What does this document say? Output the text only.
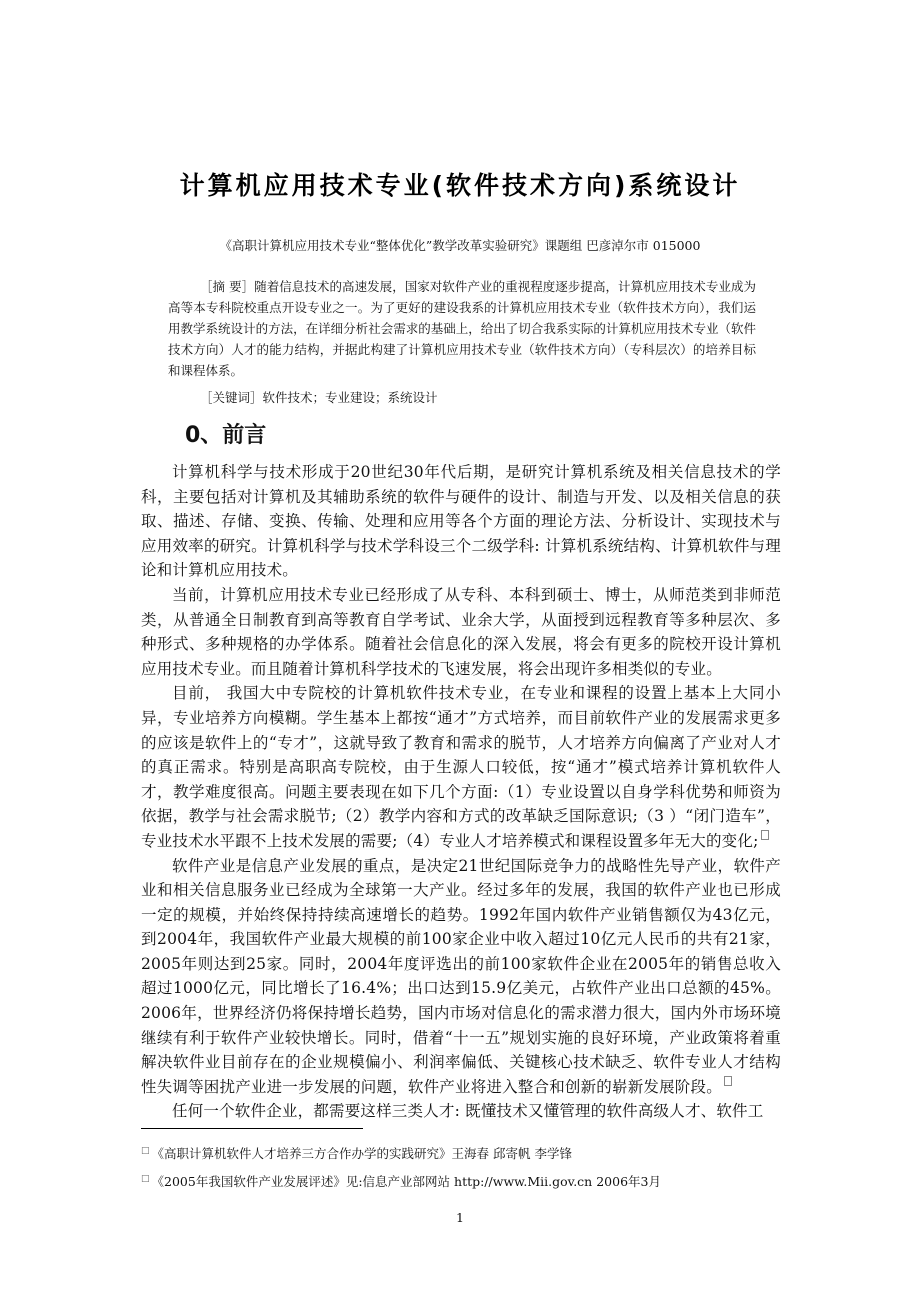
计算机应用技术专业(软件技术方向)系统设计

《高职计算机应用技术专业“整体优化”教学改革实验研究》课题组 巴彦淖尔市 015000

［摘 要］随着信息技术的高速发展，国家对软件产业的重视程度逐步提高，计算机应用技术专业成为高等本专科院校重点开设专业之一。为了更好的建设我系的计算机应用技术专业（软件技术方向），我们运用教学系统设计的方法，在详细分析社会需求的基础上，给出了切合我系实际的计算机应用技术专业（软件技术方向）人才的能力结构，并据此构建了计算机应用技术专业（软件技术方向）（专科层次）的培养目标和课程体系。

［关键词］软件技术；专业建设；系统设计

0、前言

计算机科学与技术形成于20世纪30年代后期，是研究计算机系统及相关信息技术的学科，主要包括对计算机及其辅助系统的软件与硬件的设计、制造与开发、以及相关信息的获取、描述、存储、变换、传输、处理和应用等各个方面的理论方法、分析设计、实现技术与应用效率的研究。计算机科学与技术学科设三个二级学科: 计算机系统结构、计算机软件与理论和计算机应用技术。

当前，计算机应用技术专业已经形成了从专科、本科到硕士、博士，从师范类到非师范类，从普通全日制教育到高等教育自学考试、业余大学，从面授到远程教育等多种层次、多种形式、多种规格的办学体系。随着社会信息化的深入发展，将会有更多的院校开设计算机应用技术专业。而且随着计算机科学技术的飞速发展，将会出现许多相类似的专业。

目前， 我国大中专院校的计算机软件技术专业，在专业和课程的设置上基本上大同小异，专业培养方向模糊。学生基本上都按“通才”方式培养，而目前软件产业的发展需求更多的应该是软件上的“专才”，这就导致了教育和需求的脱节，人才培养方向偏离了产业对人才的真正需求。特别是高职高专院校，由于生源人口较低，按“通才”模式培养计算机软件人才，教学难度很高。问题主要表现在如下几个方面:（1）专业设置以自身学科优势和师资为依据，教学与社会需求脱节;（2）教学内容和方式的改革缺乏国际意识;（3 ）“闭门造车”，专业技术水平跟不上技术发展的需要;（4）专业人才培养模式和课程设置多年无大的变化;

软件产业是信息产业发展的重点，是决定21世纪国际竞争力的战略性先导产业，软件产业和相关信息服务业已经成为全球第一大产业。经过多年的发展，我国的软件产业也已形成一定的规模，并始终保持持续高速增长的趋势。1992年国内软件产业销售额仅为43亿元，到2004年，我国软件产业最大规模的前100家企业中收入超过10亿元人民币的共有21家，2005年则达到25家。同时，2004年度评选出的前100家软件企业在2005年的销售总收入超过1000亿元，同比增长了16.4%；出口达到15.9亿美元，占软件产业出口总额的45%。2006年，世界经济仍将保持增长趋势，国内市场对信息化的需求潜力很大，国内外市场环境继续有利于软件产业较快增长。同时，借着“十一五”规划实施的良好环境，产业政策将着重解决软件业目前存在的企业规模偏小、利润率偏低、关键核心技术缺乏、软件专业人才结构性失调等困扰产业进一步发展的问题，软件产业将进入整合和创新的崭新发展阶段。

任何一个软件企业，都需要这样三类人才: 既懂技术又懂管理的软件高级人才、软件工

□ 《高职计算机软件人才培养三方合作办学的实践研究》王海春 邱寄帆 李学锋

□ 《2005年我国软件产业发展评述》见:信息产业部网站 http://www.Mii.gov.cn 2006年3月

1
